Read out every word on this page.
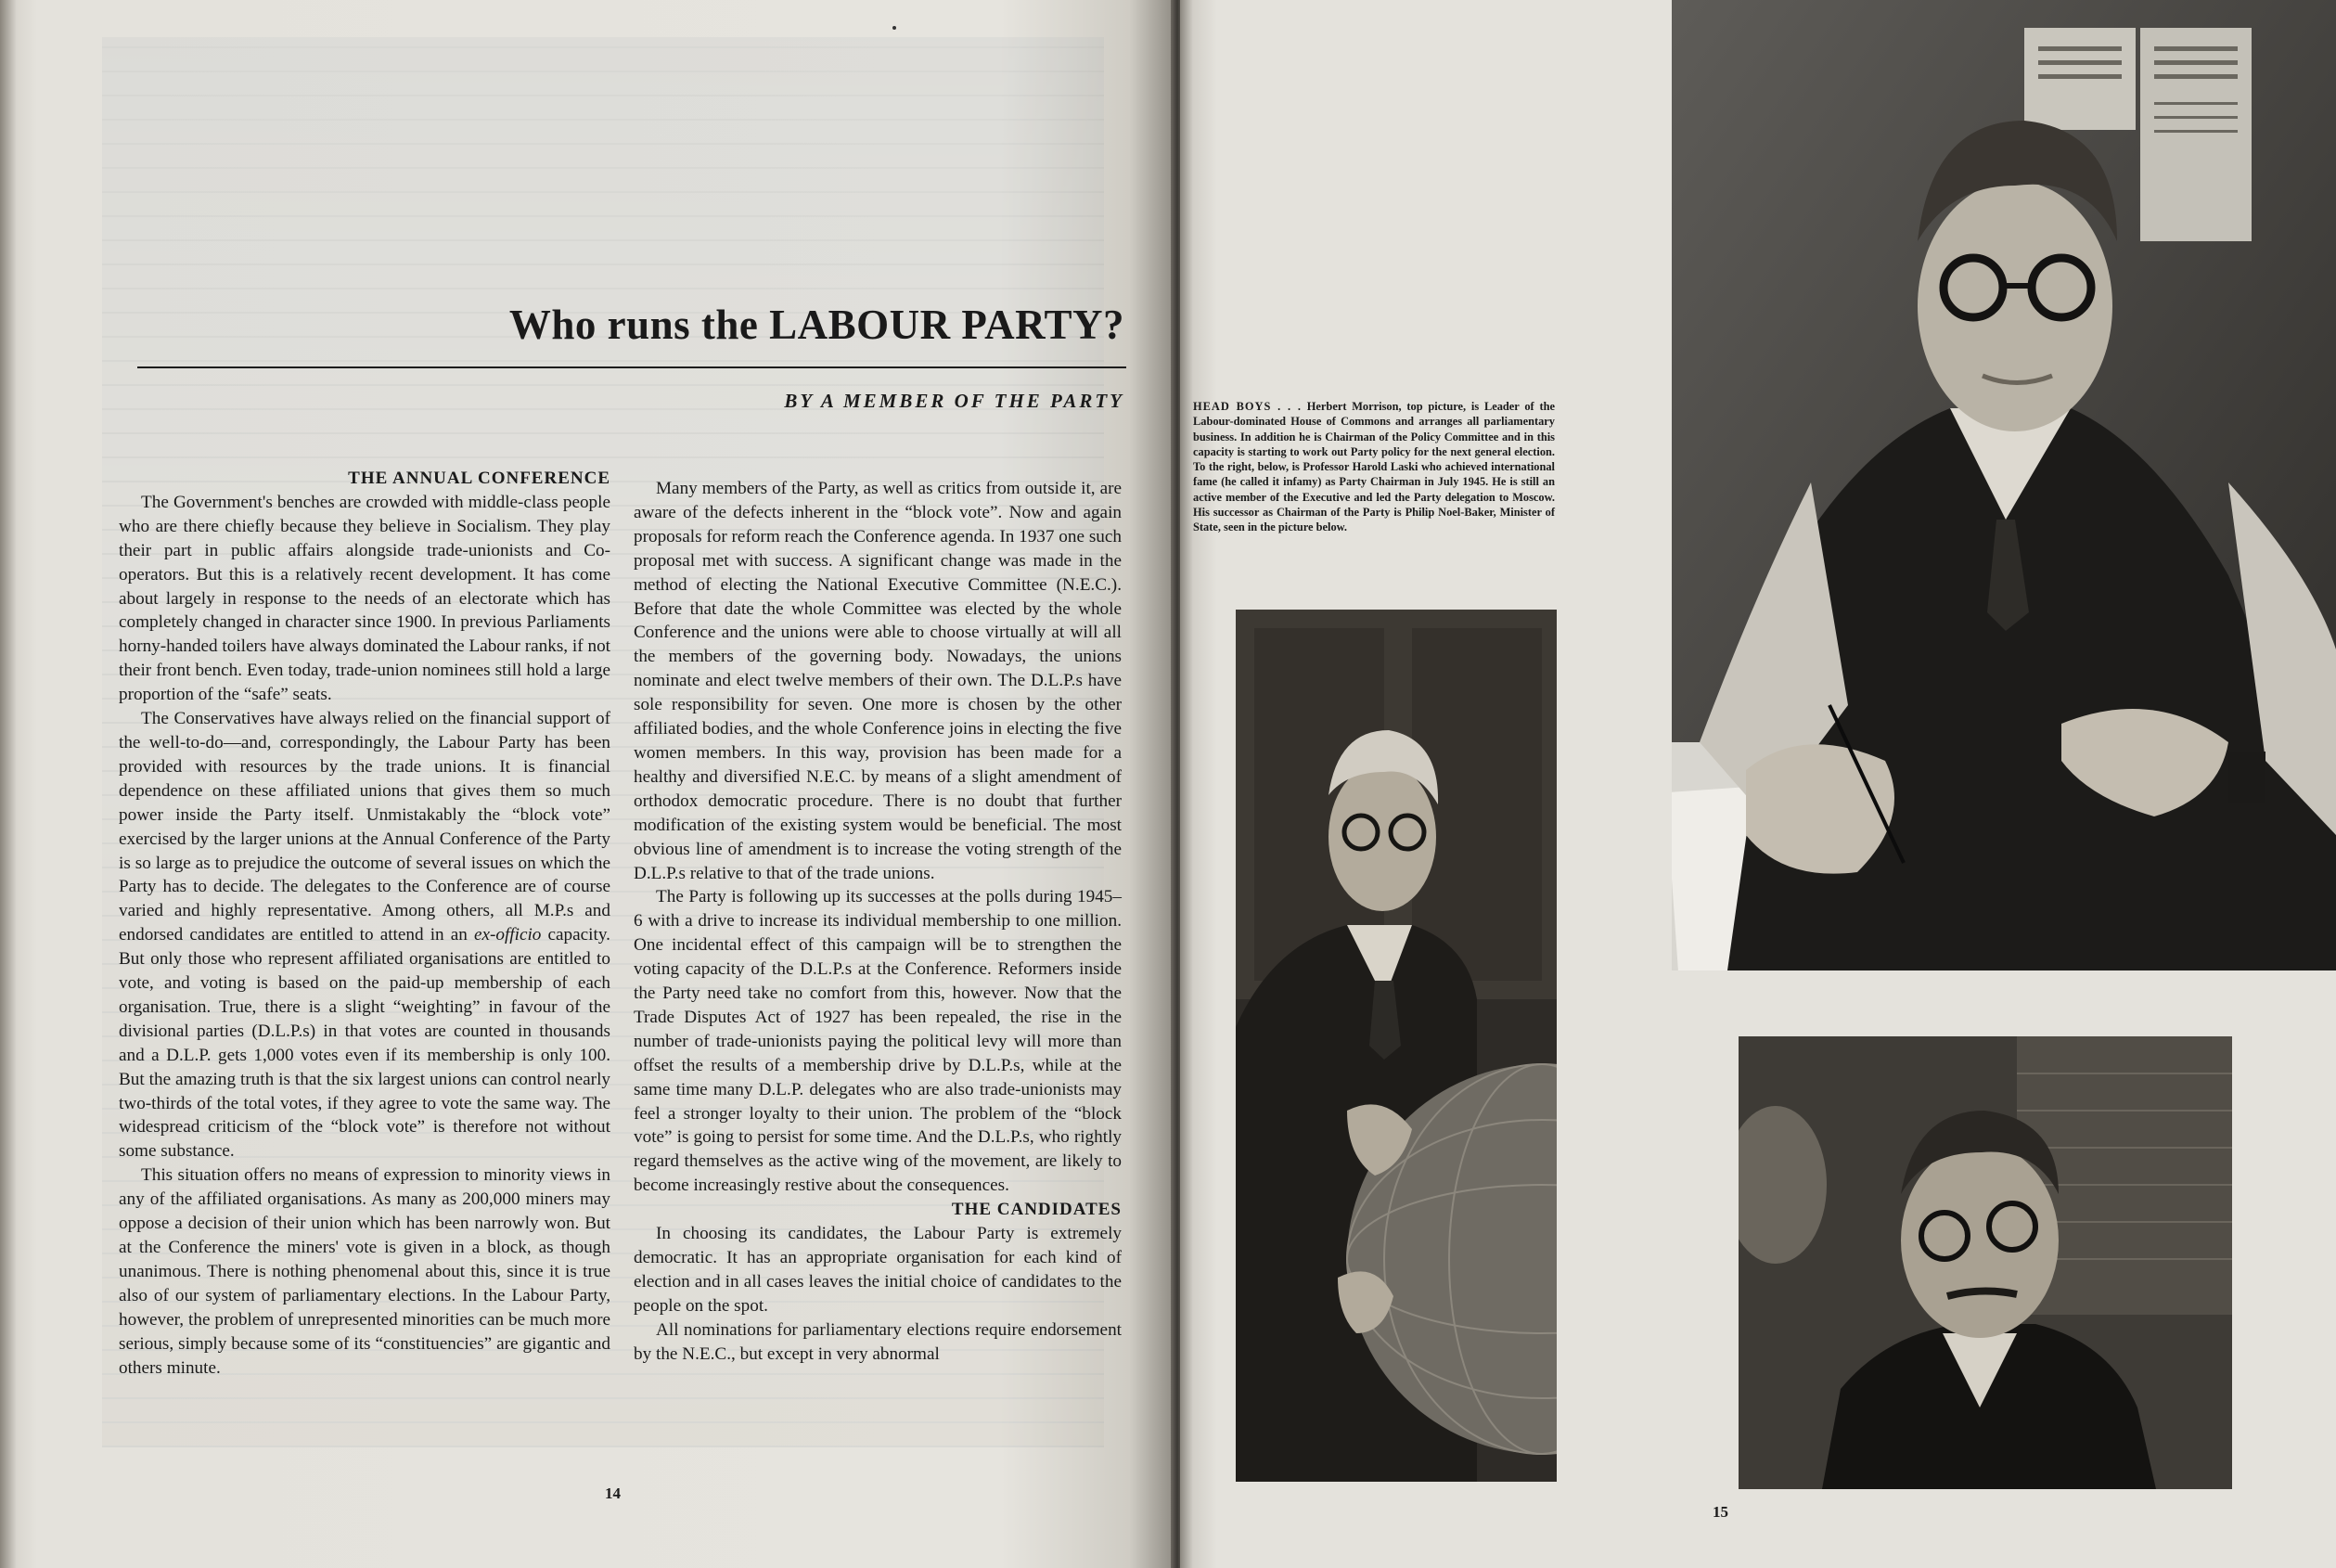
Who runs the LABOUR PARTY?
BY A MEMBER OF THE PARTY

THE ANNUAL CONFERENCE

The Government's benches are crowded with middle-class people who are there chiefly because they believe in Socialism. They play their part in public affairs alongside trade-unionists and Co-operators. But this is a relatively recent development. It has come about largely in response to the needs of an electorate which has completely changed in character since 1900. In previous Parliaments horny-handed toilers have always dominated the Labour ranks, if not their front bench. Even today, trade-union nominees still hold a large proportion of the “safe” seats.

The Conservatives have always relied on the financial support of the well-to-do—and, correspondingly, the Labour Party has been provided with resources by the trade unions. It is financial dependence on these affiliated unions that gives them so much power inside the Party itself. Unmistakably the “block vote” exercised by the larger unions at the Annual Conference of the Party is so large as to prejudice the outcome of several issues on which the Party has to decide. The delegates to the Conference are of course varied and highly representative. Among others, all M.P.s and endorsed candidates are entitled to attend in an ex-officio capacity. But only those who represent affiliated organisations are entitled to vote, and voting is based on the paid-up membership of each organisation. True, there is a slight “weighting” in favour of the divisional parties (D.L.P.s) in that votes are counted in thousands and a D.L.P. gets 1,000 votes even if its membership is only 100. But the amazing truth is that the six largest unions can control nearly two-thirds of the total votes, if they agree to vote the same way. The widespread criticism of the “block vote” is therefore not without some substance.

This situation offers no means of expression to minority views in any of the affiliated organisations. As many as 200,000 miners may oppose a decision of their union which has been narrowly won. But at the Conference the miners' vote is given in a block, as though unanimous. There is nothing phenomenal about this, since it is true also of our system of parliamentary elections. In the Labour Party, however, the problem of unrepresented minorities can be much more serious, simply because some of its “constituencies” are gigantic and others minute.

Many members of the Party, as well as critics from outside it, are aware of the defects inherent in the “block vote”. Now and again proposals for reform reach the Conference agenda. In 1937 one such proposal met with success. A significant change was made in the method of electing the National Executive Committee (N.E.C.). Before that date the whole Committee was elected by the whole Conference and the unions were able to choose virtually at will all the members of the governing body. Nowadays, the unions nominate and elect twelve members of their own. The D.L.P.s have sole responsibility for seven. One more is chosen by the other affiliated bodies, and the whole Conference joins in electing the five women members. In this way, provision has been made for a healthy and diversified N.E.C. by means of a slight amendment of orthodox democratic procedure. There is no doubt that further modification of the existing system would be beneficial. The most obvious line of amendment is to increase the voting strength of the D.L.P.s relative to that of the trade unions.

The Party is following up its successes at the polls during 1945–6 with a drive to increase its individual membership to one million. One incidental effect of this campaign will be to strengthen the voting capacity of the D.L.P.s at the Conference. Reformers inside the Party need take no comfort from this, however. Now that the Trade Disputes Act of 1927 has been repealed, the rise in the number of trade-unionists paying the political levy will more than offset the results of a membership drive by D.L.P.s, while at the same time many D.L.P. delegates who are also trade-unionists may feel a stronger loyalty to their union. The problem of the “block vote” is going to persist for some time. And the D.L.P.s, who rightly regard themselves as the active wing of the movement, are likely to become increasingly restive about the consequences.

THE CANDIDATES

In choosing its candidates, the Labour Party is extremely democratic. It has an appropriate organisation for each kind of election and in all cases leaves the initial choice of candidates to the people on the spot.

All nominations for parliamentary elections require endorsement by the N.E.C., but except in very abnormal

14
HEAD BOYS . . . Herbert Morrison, top picture, is Leader of the Labour-dominated House of Commons and arranges all parliamentary business. In addition he is Chairman of the Policy Committee and in this capacity is starting to work out Party policy for the next general election. To the right, below, is Professor Harold Laski who achieved international fame (he called it infamy) as Party Chairman in July 1945. He is still an active member of the Executive and led the Party delegation to Moscow. His successor as Chairman of the Party is Philip Noel-Baker, Minister of State, seen in the picture below.
15
